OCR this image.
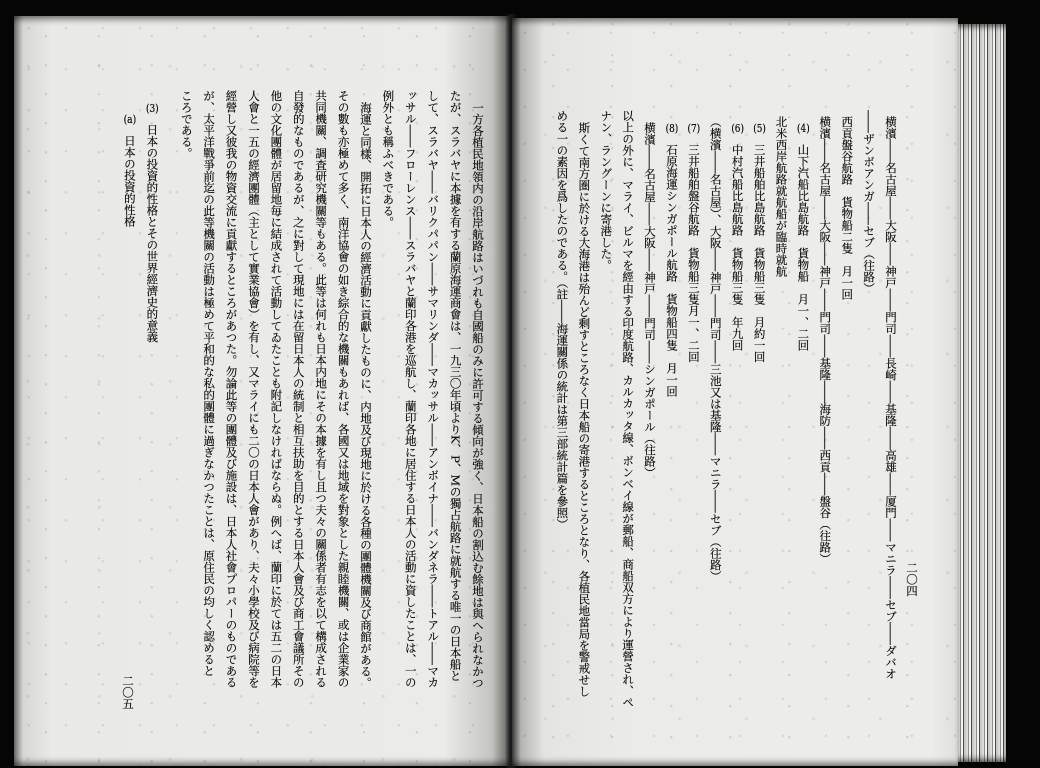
一方各植民地領内の沿岸航路はいづれも自國船のみに許可する傾向が強く、日本船の割込む餘地は與へられなかつ
たが、スラバヤに本據を有する蘭原海運商會は、一九三〇年頃よりK、P、Mの獨占航路に就航する唯一の日本船と
して、スラバヤ――バリクパパン――サマリンダ――マカッサル――アンボイナ――バンダネラ――トアル――マカ
ッサル――フローレンス――スラバヤと蘭印各港を巡航し、蘭印各地に居住する日本人の活動に資したことは、一の
例外とも稱ふべきである。
海運と同樣、開拓に日本人の經濟活動に貢獻したものに、内地及び現地に於ける各種の團體機關及び商館がある。
その數も亦極めて多く、南洋協會の如き綜合的な機關もあれば、各國又は地域を對象とした親睦機關、或は企業家の
共同機關、調査研究機關等もある。此等は何れも日本内地にその本據を有し且つ夫々の關係者有志を以て構成される
自發的なものであるが、之に對して現地には在留日本人の統制と相互扶助を目的とする日本人會及び商工會議所その
他の文化團體が居留地毎に結成されて活動してゐたことも附記しなければならぬ。例へば、蘭印に於ては五二の日本
人會と一五の經濟團體（主として實業協會）を有し、又マライにも二〇の日本人會があり、夫々小學校及び病院等を
經營し又彼我の物資交流に貢獻するところがあつた。勿論此等の團體及び施設は、日本人社會プロパーのものである
が、太平洋戰爭前迄の此等機關の活動は極めて平和的な私的團體に過ぎなかつたことは、原住民の均しく認めると
ころである。
(3)日本の投資的性格とその世界經濟史的意義
(a)日本の投資的性格
二〇五
横濱――名古屋――大阪――神戸――門司――長崎――基隆――高雄――厦門――マニラ――セブ――ダバオ
――ザンボアンガ――セブ（往路）
西貢盤谷航路　貨物船二隻　月一回
横濱――名古屋――大阪――神戸――門司――基隆――海防――西貢――盤谷（往路）
(4)山下汽船比島航路　貨物船　月一、二回
北米西岸航路就航船が臨時就航
(5)三井船舶比島航路　貨物船三隻　月約一回
(6)中村汽船比島航路　貨物船三隻　年九回
（横濱――名古屋）、大阪――神戸――門司――三池又は基隆――マニラ――セブ（往路）
(7)三井船舶盤谷航路　貨物船三隻月一、二回
(8)石原海運シンガポール航路　貨物船四隻　月一回
横濱――名古屋――大阪――神戸――門司――シンガポール（往路）
以上の外に、マライ、ビルマを經由する印度航路、カルカッタ線、ボンベイ線が郵船、商船双方により運營され、ペ
ナン、ラングーンに寄港した。
斯くて南方圏に於ける大海港は殆んど剩すところなく日本船の寄港するところとなり、各植民地當局を警戒せし
める一の素因を爲したのである。（註――海運關係の統計は第三部統計篇を參照）
二〇四
